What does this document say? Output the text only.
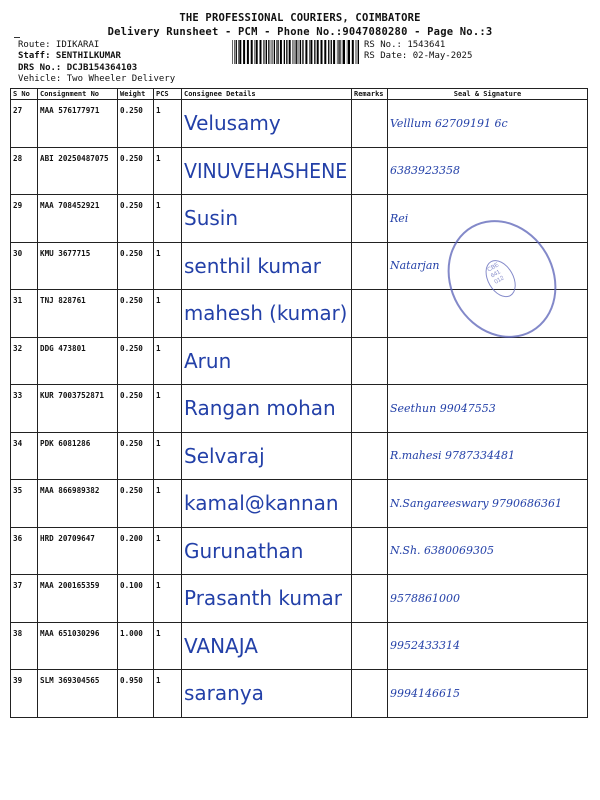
THE PROFESSIONAL COURIERS, COIMBATORE
Delivery Runsheet - PCM - Phone No.:9047080280 - Page No.:3
Route: IDIKARAI
Staff: SENTHILKUMAR
DRS No.: DCJB154364103
Vehicle: Two Wheeler Delivery
RS No.: 1543641
RS Date: 02-May-2025
S No	Consignment No	Weight	PCS	Consignee Details	Remarks	Seal & Signature
27	MAA 576177971	0.250	1	Velusamy		Velllum 62709191 6c
28	ABI 20250487075	0.250	1	VINUVEHASHENE		6383923358
29	MAA 708452921	0.250	1	Susin		Rei
30	KMU 3677715	0.250	1	senthil kumar		Natarjan
31	TNJ 828761	0.250	1	mahesh (kumar)		
32	DDG 473801	0.250	1	Arun		
33	KUR 7003752871	0.250	1	Rangan mohan		Seethun 99047553
34	PDK 6081286	0.250	1	Selvaraj		R.mahesi 9787334481
35	MAA 866989382	0.250	1	kamal@kannan		N.Sangareeswary 9790686361
36	HRD 20709647	0.200	1	Gurunathan		N.Sh. 6380069305
37	MAA 200165359	0.100	1	Prasanth kumar		9578861000
38	MAA 651030296	1.000	1	VANAJA		9952433314
39	SLM 369304565	0.950	1	saranya		9994146615
CBE 641 012
